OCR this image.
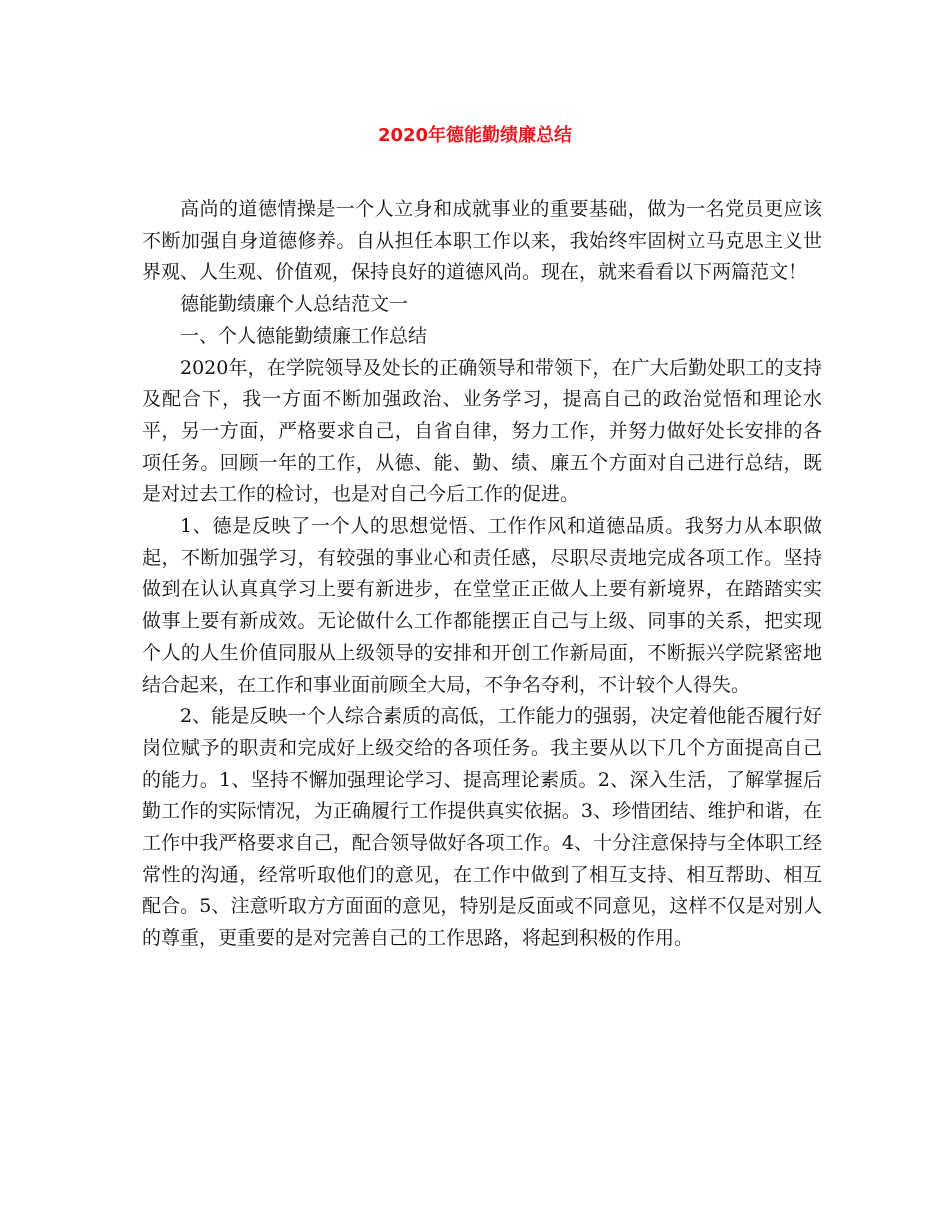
2020年德能勤绩廉总结

高尚的道德情操是一个人立身和成就事业的重要基础，做为一名党员更应该不断加强自身道德修养。自从担任本职工作以来，我始终牢固树立马克思主义世界观、人生观、价值观，保持良好的道德风尚。现在，就来看看以下两篇范文！

德能勤绩廉个人总结范文一

一、个人德能勤绩廉工作总结

2020年，在学院领导及处长的正确领导和带领下，在广大后勤处职工的支持及配合下，我一方面不断加强政治、业务学习，提高自己的政治觉悟和理论水平，另一方面，严格要求自己，自省自律，努力工作，并努力做好处长安排的各项任务。回顾一年的工作，从德、能、勤、绩、廉五个方面对自己进行总结，既是对过去工作的检讨，也是对自己今后工作的促进。

1、德是反映了一个人的思想觉悟、工作作风和道德品质。我努力从本职做起，不断加强学习，有较强的事业心和责任感，尽职尽责地完成各项工作。坚持做到在认认真真学习上要有新进步，在堂堂正正做人上要有新境界，在踏踏实实做事上要有新成效。无论做什么工作都能摆正自己与上级、同事的关系，把实现个人的人生价值同服从上级领导的安排和开创工作新局面，不断振兴学院紧密地结合起来，在工作和事业面前顾全大局，不争名夺利，不计较个人得失。

2、能是反映一个人综合素质的高低，工作能力的强弱，决定着他能否履行好岗位赋予的职责和完成好上级交给的各项任务。我主要从以下几个方面提高自己的能力。1、坚持不懈加强理论学习、提高理论素质。2、深入生活，了解掌握后勤工作的实际情况，为正确履行工作提供真实依据。3、珍惜团结、维护和谐，在工作中我严格要求自己，配合领导做好各项工作。4、十分注意保持与全体职工经常性的沟通，经常听取他们的意见，在工作中做到了相互支持、相互帮助、相互配合。5、注意听取方方面面的意见，特别是反面或不同意见，这样不仅是对别人的尊重，更重要的是对完善自己的工作思路，将起到积极的作用。
